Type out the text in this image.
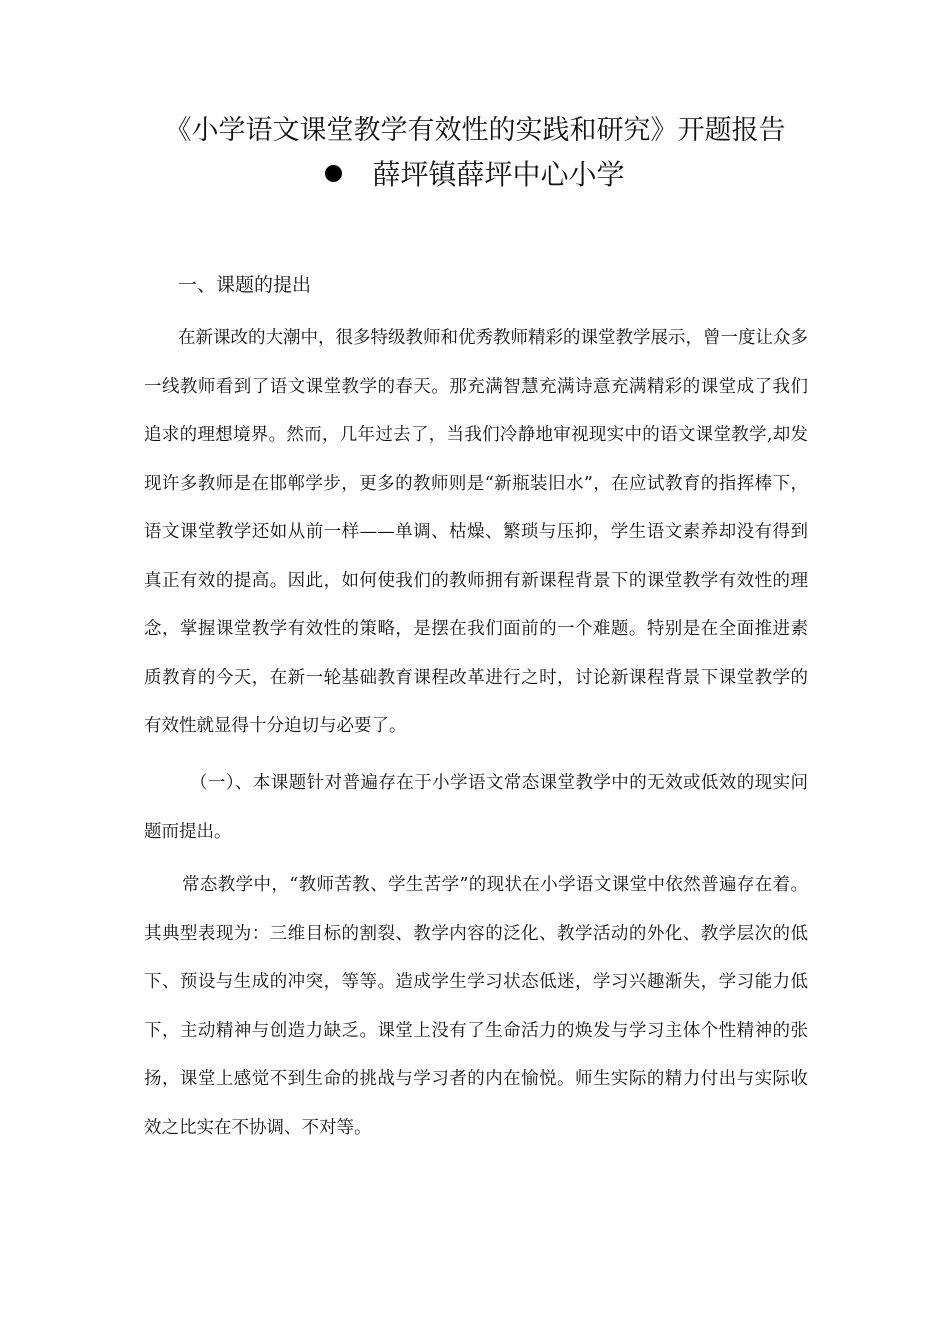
《小学语文课堂教学有效性的实践和研究》开题报告
薛坪镇薛坪中心小学
一、课题的提出

在新课改的大潮中，很多特级教师和优秀教师精彩的课堂教学展示，曾一度让众多一线教师看到了语文课堂教学的春天。那充满智慧充满诗意充满精彩的课堂成了我们追求的理想境界。然而，几年过去了，当我们冷静地审视现实中的语文课堂教学,却发现许多教师是在邯郸学步，更多的教师则是“新瓶装旧水”，在应试教育的指挥棒下，语文课堂教学还如从前一样——单调、枯燥、繁琐与压抑，学生语文素养却没有得到真正有效的提高。因此，如何使我们的教师拥有新课程背景下的课堂教学有效性的理念，掌握课堂教学有效性的策略，是摆在我们面前的一个难题。特别是在全面推进素质教育的今天，在新一轮基础教育课程改革进行之时，讨论新课程背景下课堂教学的有效性就显得十分迫切与必要了。

（一）、本课题针对普遍存在于小学语文常态课堂教学中的无效或低效的现实问题而提出。

常态教学中，“教师苦教、学生苦学”的现状在小学语文课堂中依然普遍存在着。其典型表现为：三维目标的割裂、教学内容的泛化、教学活动的外化、教学层次的低下、预设与生成的冲突，等等。造成学生学习状态低迷，学习兴趣渐失，学习能力低下，主动精神与创造力缺乏。课堂上没有了生命活力的焕发与学习主体个性精神的张扬，课堂上感觉不到生命的挑战与学习者的内在愉悦。师生实际的精力付出与实际收效之比实在不协调、不对等。
